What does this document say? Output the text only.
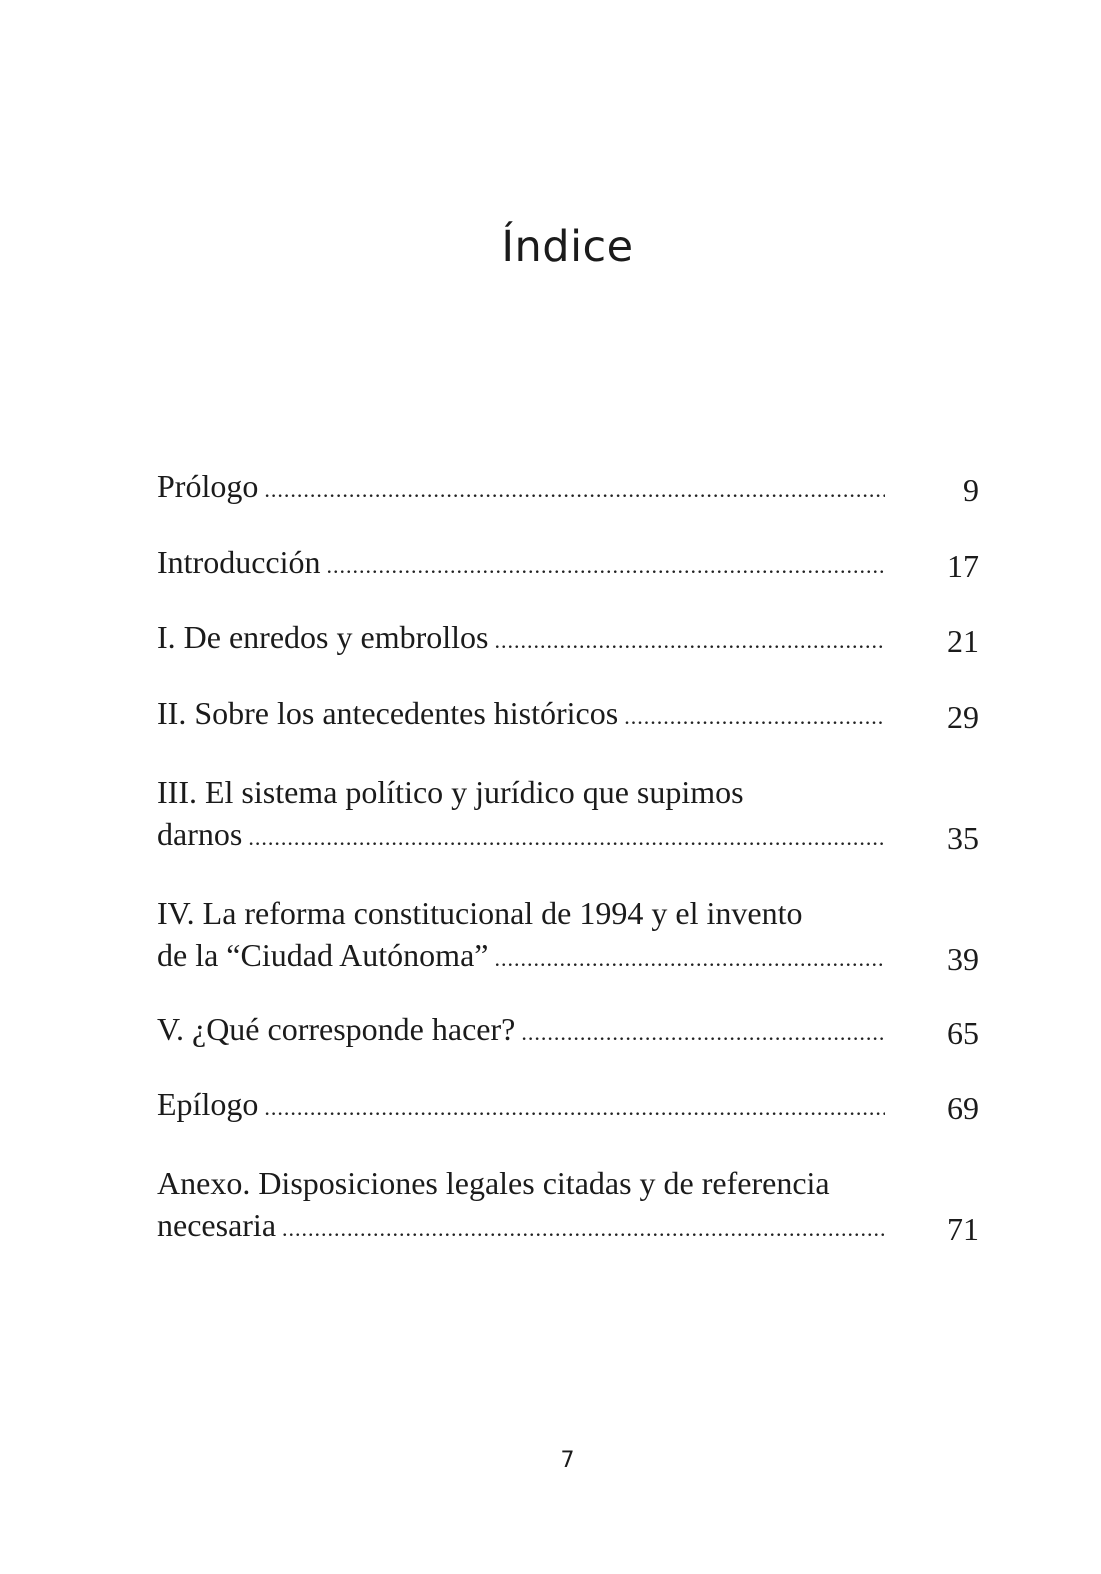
Índice
Prólogo .....	9
Introducción .....	17
I. De enredos y embrollos .....	21
II. Sobre los antecedentes históricos .....	29
III. El sistema político y jurídico que supimos
darnos .....	35
IV. La reforma constitucional de 1994 y el invento
de la “Ciudad Autónoma” .....	39
V. ¿Qué corresponde hacer? .....	65
Epílogo .....	69
Anexo. Disposiciones legales citadas y de referencia
necesaria .....	71
7
